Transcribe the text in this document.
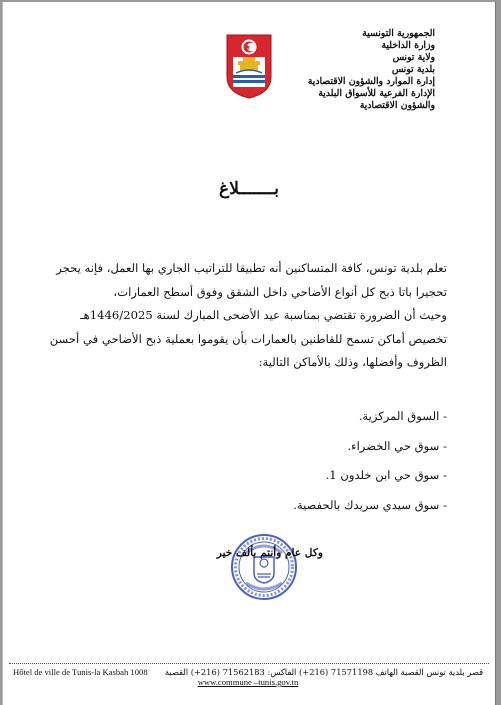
الجمهورية التونسية
وزارة الداخلية
ولاية تونس
بلدية تونس
إدارة الموارد والشؤون الاقتصادية
الإدارة الفرعية للأسواق البلدية
والشؤون الاقتصادية
بـــــــلاغ

تعلم بلدية تونس، كافة المتساكنين أنه تطبيقا للتراتيب الجاري بها العمل، فإنه يحجر

تحجيرا باتا ذبح كل أنواع الأضاحي داخل الشقق وفوق أسطح العمارات،

وحيث أن الضرورة تقتضي بمناسبة عيد الأضحى المبارك لسنة 1446/2025هـ

تخصيص أماكن تسمح للقاطنين بالعمارات بأن يقوموا بعملية ذبح الأضاحي في أحسن

الظروف وأفضلها، وذلك بالأماكن التالية:

- السوق المركزية.
- سوق حي الخضراء.
- سوق حي ابن خلدون 1.
- سوق سيدي سريدك بالحفصية.
وكل عام وأنتم بألف خير
Hôtel de ville de Tunis-la Kasbah 1008 قصر بلدية تونس القصبة الهاتف 71571198 (216+) الفاكس: 71562183 (216+) القصبة
www.commune –tunis.gov.tn
